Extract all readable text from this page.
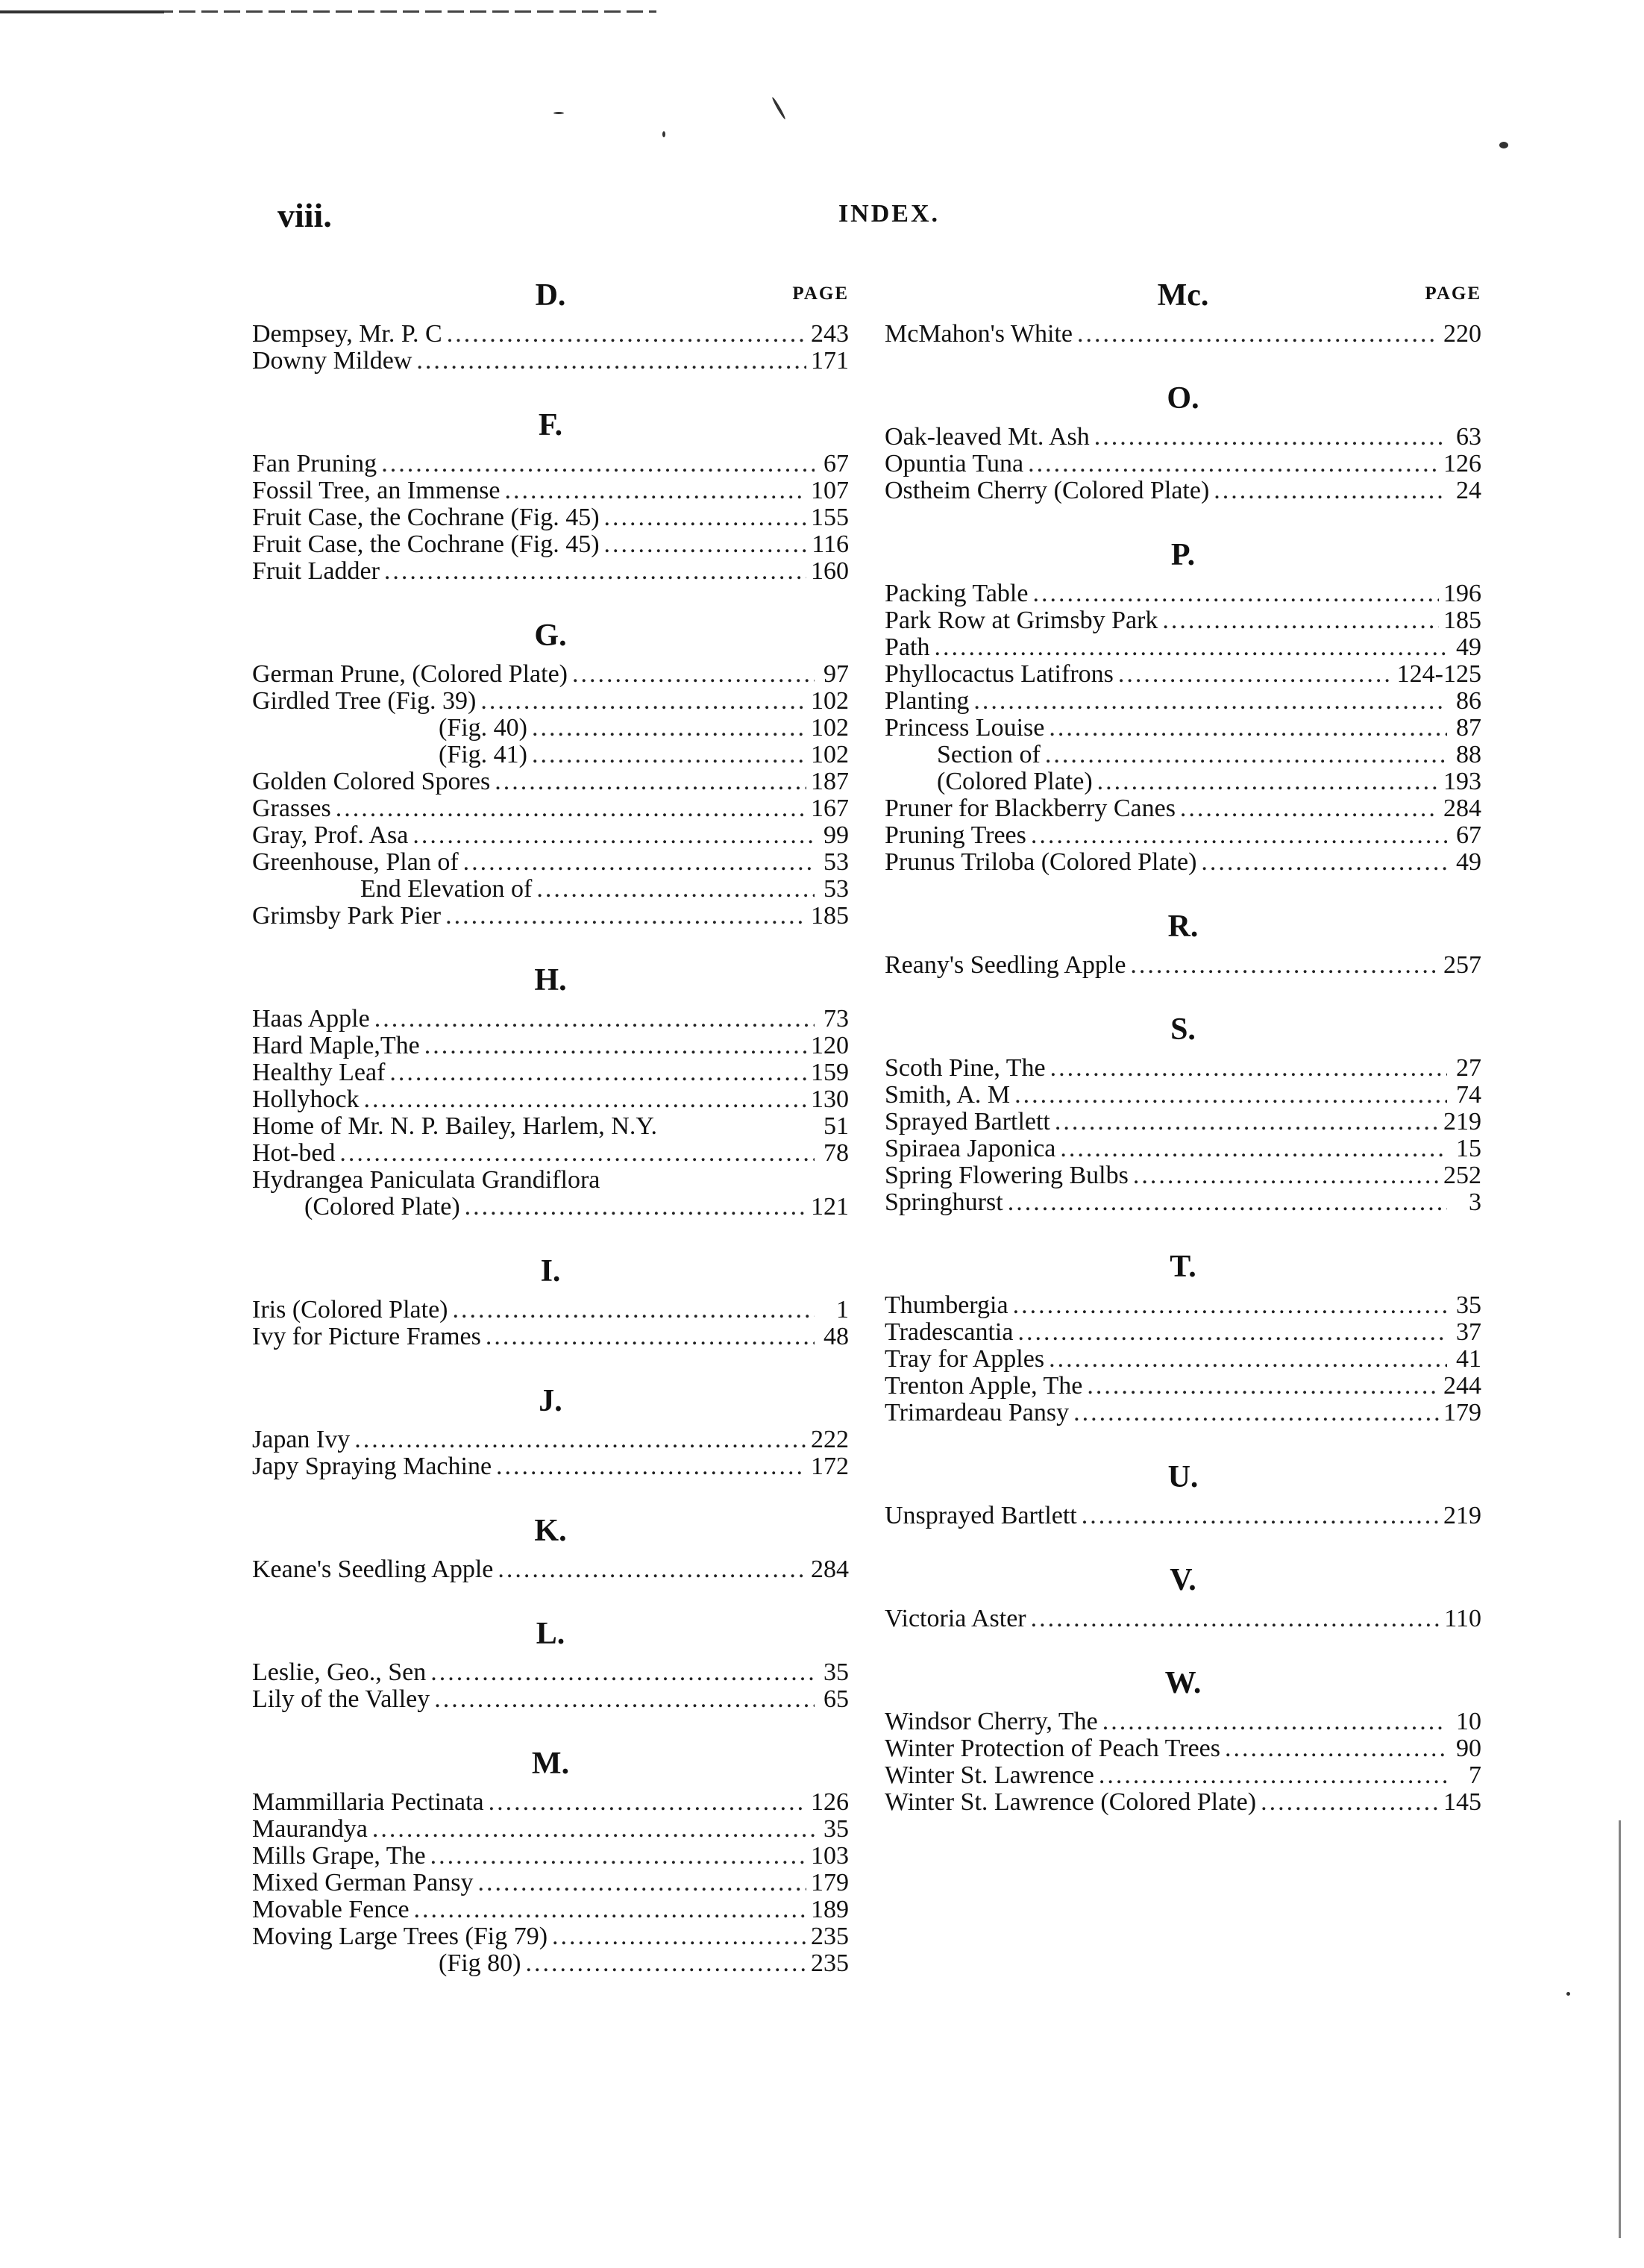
viii.	INDEX.
D.	PAGE
Dempsey, Mr. P. C .....	243
Downy Mildew .....	171
F.
Fan Pruning .....	67
Fossil Tree, an Immense .....	107
Fruit Case, the Cochrane (Fig. 45) .....	155
Fruit Case, the Cochrane (Fig. 45) .....	116
Fruit Ladder .....	160
G.
German Prune, (Colored Plate) .....	97
Girdled Tree (Fig. 39) .....	102
(Fig. 40) .....	102
(Fig. 41) .....	102
Golden Colored Spores .....	187
Grasses .....	167
Gray, Prof. Asa .....	99
Greenhouse, Plan of .....	53
End Elevation of .....	53
Grimsby Park Pier .....	185
H.
Haas Apple .....	73
Hard Maple,The .....	120
Healthy Leaf .....	159
Hollyhock .....	130
Home of Mr. N. P. Bailey, Harlem, N.Y.	51
Hot-bed .....	78
Hydrangea Paniculata Grandiflora
(Colored Plate) .....	121
I.
Iris (Colored Plate) .....	1
Ivy for Picture Frames .....	48
J.
Japan Ivy .....	222
Japy Spraying Machine .....	172
K.
Keane's Seedling Apple .....	284
L.
Leslie, Geo., Sen .....	35
Lily of the Valley .....	65
M.
Mammillaria Pectinata .....	126
Maurandya .....	35
Mills Grape, The .....	103
Mixed German Pansy .....	179
Movable Fence .....	189
Moving Large Trees (Fig 79) .....	235
(Fig 80) .....	235
Mc.	PAGE
McMahon's White .....	220
O.
Oak-leaved Mt. Ash .....	63
Opuntia Tuna .....	126
Ostheim Cherry (Colored Plate) .....	24
P.
Packing Table .....	196
Park Row at Grimsby Park .....	185
Path .....	49
Phyllocactus Latifrons .....	124-125
Planting .....	86
Princess Louise .....	87
Section of .....	88
(Colored Plate) .....	193
Pruner for Blackberry Canes .....	284
Pruning Trees .....	67
Prunus Triloba (Colored Plate) .....	49
R.
Reany's Seedling Apple .....	257
S.
Scoth Pine, The .....	27
Smith, A. M .....	74
Sprayed Bartlett .....	219
Spiraea Japonica .....	15
Spring Flowering Bulbs .....	252
Springhurst .....	3
T.
Thumbergia .....	35
Tradescantia .....	37
Tray for Apples .....	41
Trenton Apple, The .....	244
Trimardeau Pansy .....	179
U.
Unsprayed Bartlett .....	219
V.
Victoria Aster .....	110
W.
Windsor Cherry, The .....	10
Winter Protection of Peach Trees .....	90
Winter St. Lawrence .....	7
Winter St. Lawrence (Colored Plate) .....	145
